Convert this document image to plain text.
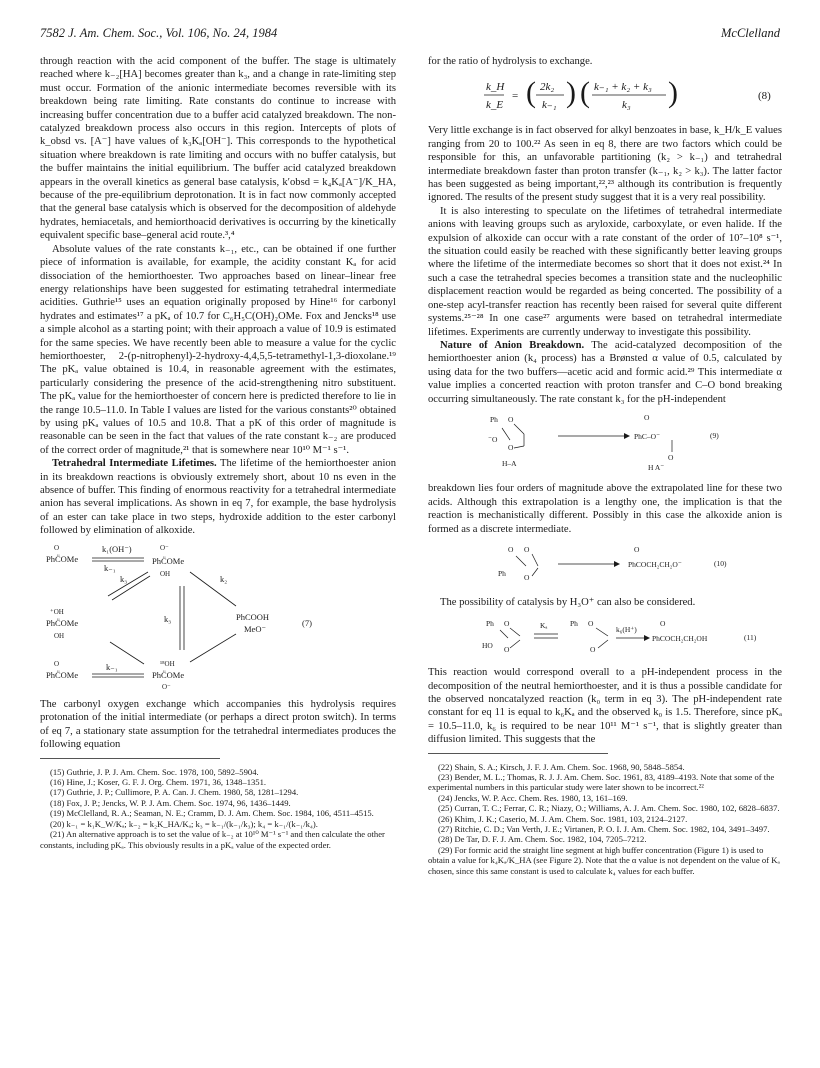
7582 J. Am. Chem. Soc., Vol. 106, No. 24, 1984	McClelland

through reaction with the acid component of the buffer. The stage is ultimately reached where k₋₂[HA] becomes greater than k₃, and a change in rate-limiting step must occur. Formation of the anionic intermediate becomes reversible with its breakdown being rate limiting. Rate constants do continue to increase with increasing buffer concentration due to a buffer acid catalyzed breakdown. The non-catalyzed breakdown process also occurs in this region. Intercepts of plots of k_obsd vs. [A⁻] have values of k₃Kₐ[OH⁻]. This corresponds to the hypothetical situation where breakdown is rate limiting and occurs with no buffer catalysis, but the buffer maintains the initial equilibrium. The buffer acid catalyzed breakdown appears in the overall kinetics as general base catalysis, k′obsd = k₄Kₐ[A⁻]/K_HA, because of the pre-equilibrium deprotonation. It is in fact now commonly accepted that the general base catalysis which is observed for the decomposition of aldehyde hydrates, hemiacetals, and hemiorthoacid derivatives is occurring by the kinetically equivalent specific base–general acid route.³,⁴

Absolute values of the rate constants k₋₁, etc., can be obtained if one further piece of information is available, for example, the acidity constant Kₐ for acid dissociation of the hemiorthoester. Two approaches based on linear–linear free energy relationships have been suggested for estimating tetrahedral intermediate acidities. Guthrie¹⁵ uses an equation originally proposed by Hine¹⁶ for carbonyl hydrates and estimates¹⁷ a pKₐ of 10.7 for C₆H₅C(OH)₂OMe. Fox and Jencks¹⁸ use a simple alcohol as a starting point; with their approach a value of 10.9 is estimated for the same species. We have recently been able to measure a value for the cyclic hemiorthoester, 2-(p-nitrophenyl)-2-hydroxy-4,4,5,5-tetramethyl-1,3-dioxolane.¹⁹ The pKₐ value obtained is 10.4, in reasonable agreement with the estimates, particularly considering the presence of the acid-strengthening nitro substituent. The pKₐ value for the hemiorthoester of concern here is predicted therefore to lie in the range 10.5–11.0. In Table I values are listed for the various constants²⁰ obtained by using pKₐ values of 10.5 and 10.8. That a pK of this order of magnitude is reasonable can be seen in the fact that values of the rate constant k₋₂ are produced of the correct order of magnitude,²¹ that is somewhere near 10¹⁰ M⁻¹ s⁻¹.

Tetrahedral Intermediate Lifetimes. The lifetime of the hemiorthoester anion in its breakdown reactions is obviously extremely short, about 10 ns even in the absence of buffer. This finding of enormous reactivity for a tetrahedral intermediate anion has several implications. As shown in eq 7, for example, the base hydrolysis of an ester can take place in two steps, hydroxide addition to the ester carbonyl followed by elimination of alkoxide.

PhC̈OMe
O
PhC̈OMe
O⁻
OH
k₁(OH⁻)
k₋₁
k₃	k₂
⁺OH
PhC̈OMe
OH
k₃	PhCOOH
MeO⁻
(7)
O
PhC̈OMe
k₋₁	¹⁸OH
PhC̈OMe
O⁻

The carbonyl oxygen exchange which accompanies this hydrolysis requires protonation of the initial intermediate (or perhaps a direct proton switch). In terms of eq 7, a stationary state assumption for the tetrahedral intermediates produces the following equation

(15) Guthrie, J. P. J. Am. Chem. Soc. 1978, 100, 5892–5904.

(16) Hine, J.; Koser, G. F. J. Org. Chem. 1971, 36, 1348–1351.

(17) Guthrie, J. P.; Cullimore, P. A. Can. J. Chem. 1980, 58, 1281–1294.

(18) Fox, J. P.; Jencks, W. P. J. Am. Chem. Soc. 1974, 96, 1436–1449.

(19) McClelland, R. A.; Seaman, N. E.; Cramm, D. J. Am. Chem. Soc. 1984, 106, 4511–4515.

(20) k₋₁ = k₁K_W/Kₐ; k₋₂ = k₂K_HA/Kₐ; k₃ = k₋₁/(k₋₁/k₃); k₄ = k₋₁/(k₋₁/k₄).

(21) An alternative approach is to set the value of k₋₂ at 10¹⁰ M⁻¹ s⁻¹ and then calculate the other constants, including pKₐ. This obviously results in a pKₐ value of the expected order.

for the ratio of hydrolysis to exchange.

k_H
k_E
= ( 2k₂
k₋₁ ) ( k₋₁ + k₂ + k₃
k₃ )	(8)

Very little exchange is in fact observed for alkyl benzoates in base, k_H/k_E values ranging from 20 to 100.²² As seen in eq 8, there are two factors which could be responsible for this, an unfavorable partitioning (k₂ > k₋₁) and tetrahedral intermediate breakdown faster than proton transfer (k₋₁, k₂ > k₃). The latter factor has been suggested as being important,²²,²³ although its contribution is frequently ignored. The results of the present study suggest that it is a very real possibility.

It is also interesting to speculate on the lifetimes of tetrahedral intermediate anions with leaving groups such as aryloxide, carboxylate, or even halide. If the expulsion of alkoxide can occur with a rate constant of the order of 10⁷–10⁸ s⁻¹, the situation could easily be reached with these significantly better leaving groups where the lifetime of the intermediate becomes so short that it does not exist.²⁴ In such a case the tetrahedral species becomes a transition state and the nucleophilic displacement reaction would be regarded as being concerted. The possibility of a one-step acyl-transfer reaction has recently been raised for several quite different systems.²⁵⁻²⁸ In one case²⁷ arguments were based on tetrahedral intermediate lifetimes. Experiments are currently underway to investigate this possibility.

Nature of Anion Breakdown. The acid-catalyzed decomposition of the hemiorthoester anion (k₄ process) has a Brønsted α value of 0.5, calculated by using data for the two buffers—acetic acid and formic acid.²⁹ This intermediate α value implies a concerted reaction with proton transfer and C–O bond breaking occurring simultaneously. The rate constant k₃ for the pH-independent

Ph O
⁻O
O
H–A
O
PhC–O⁻
O
H A⁻
(9)

breakdown lies four orders of magnitude above the extrapolated line for these two acids. Although this extrapolation is a lengthy one, the implication is that the reaction is mechanistically different. Possibly in this case the alkoxide anion is formed as a discrete intermediate.

O O
Ph O
O
PhCOCH₂CH₂O⁻	(10)

The possibility of catalysis by H₃O⁺ can also be considered.

Ph O
HO O
Kₐ	Ph O
O
k₆(H⁺)
O
PhCOCH₂CH₂OH	(11)

This reaction would correspond overall to a pH-independent process in the decomposition of the neutral hemiorthoester, and it is thus a possible candidate for the observed noncatalyzed reaction (k₀ term in eq 3). The pH-independent rate constant for eq 11 is equal to k₆Kₐ and the observed k₀ is 1.5. Therefore, since pKₐ = 10.5–11.0, k₆ is required to be near 10¹¹ M⁻¹ s⁻¹, that is slightly greater than diffusion limited. This suggests that the

(22) Shain, S. A.; Kirsch, J. F. J. Am. Chem. Soc. 1968, 90, 5848–5854.

(23) Bender, M. L.; Thomas, R. J. J. Am. Chem. Soc. 1961, 83, 4189–4193. Note that some of the experimental numbers in this particular study were later shown to be incorrect.²²

(24) Jencks, W. P. Acc. Chem. Res. 1980, 13, 161–169.

(25) Curran, T. C.; Ferrar, C. R.; Niazy, O.; Williams, A. J. Am. Chem. Soc. 1980, 102, 6828–6837.

(26) Khim, J. K.; Caserio, M. J. Am. Chem. Soc. 1981, 103, 2124–2127.

(27) Ritchie, C. D.; Van Verth, J. E.; Virtanen, P. O. I. J. Am. Chem. Soc. 1982, 104, 3491–3497.

(28) De Tar, D. F. J. Am. Chem. Soc. 1982, 104, 7205–7212.

(29) For formic acid the straight line segment at high buffer concentration (Figure 1) is used to obtain a value for k₄Kₐ/K_HA (see Figure 2). Note that the α value is not dependent on the value of Kₐ chosen, since this same constant is used to calculate k₄ values for each buffer.
